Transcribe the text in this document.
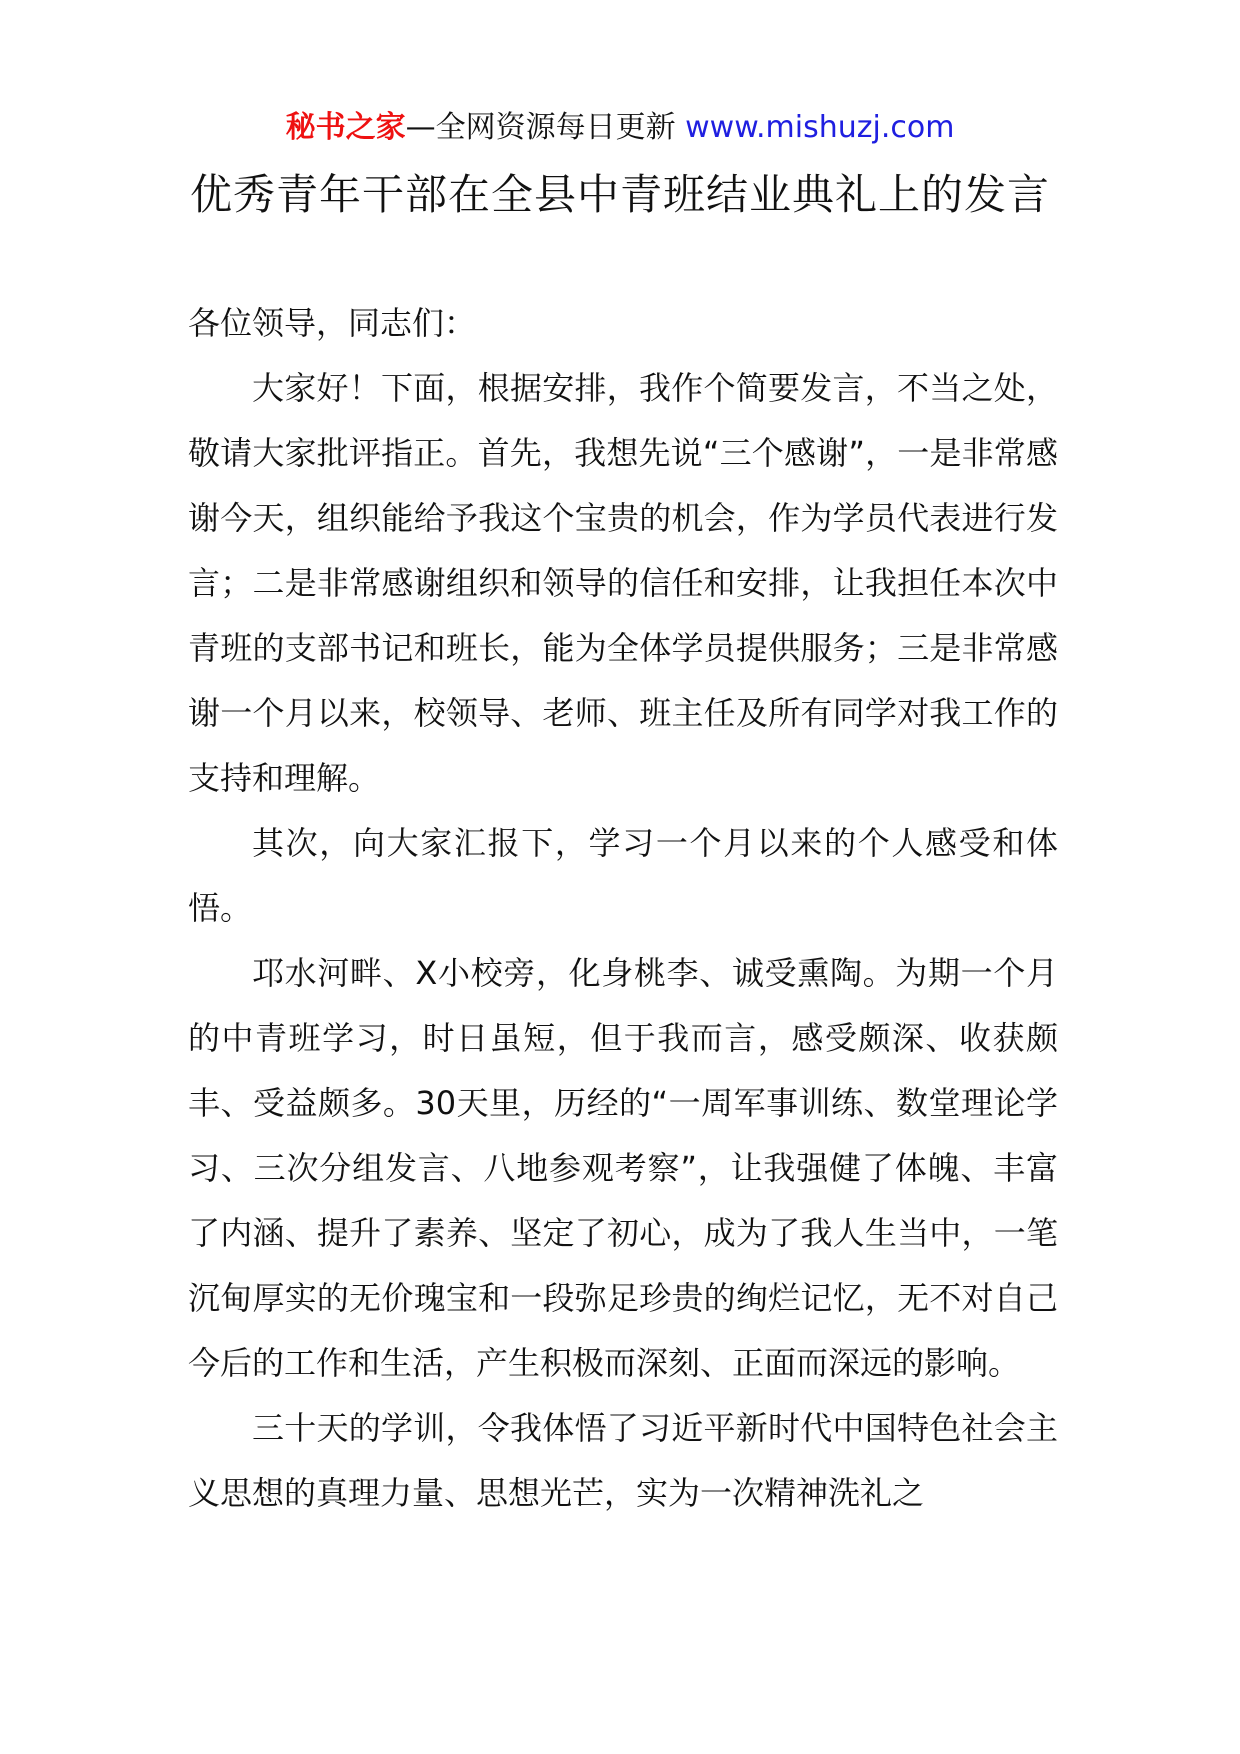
秘书之家—全网资源每日更新 www.mishuzj.com
优秀青年干部在全县中青班结业典礼上的发言

各位领导，同志们：

大家好！下面，根据安排，我作个简要发言，不当之处，敬请大家批评指正。首先，我想先说“三个感谢”，一是非常感谢今天，组织能给予我这个宝贵的机会，作为学员代表进行发言；二是非常感谢组织和领导的信任和安排，让我担任本次中青班的支部书记和班长，能为全体学员提供服务；三是非常感谢一个月以来，校领导、老师、班主任及所有同学对我工作的支持和理解。

其次，向大家汇报下，学习一个月以来的个人感受和体悟。

邛水河畔、X小校旁，化身桃李、诚受熏陶。为期一个月的中青班学习，时日虽短，但于我而言，感受颇深、收获颇丰、受益颇多。30天里，历经的“一周军事训练、数堂理论学习、三次分组发言、八地参观考察”，让我强健了体魄、丰富了内涵、提升了素养、坚定了初心，成为了我人生当中，一笔沉甸厚实的无价瑰宝和一段弥足珍贵的绚烂记忆，无不对自己今后的工作和生活，产生积极而深刻、正面而深远的影响。

三十天的学训，令我体悟了习近平新时代中国特色社会主义思想的真理力量、思想光芒，实为一次精神洗礼之
